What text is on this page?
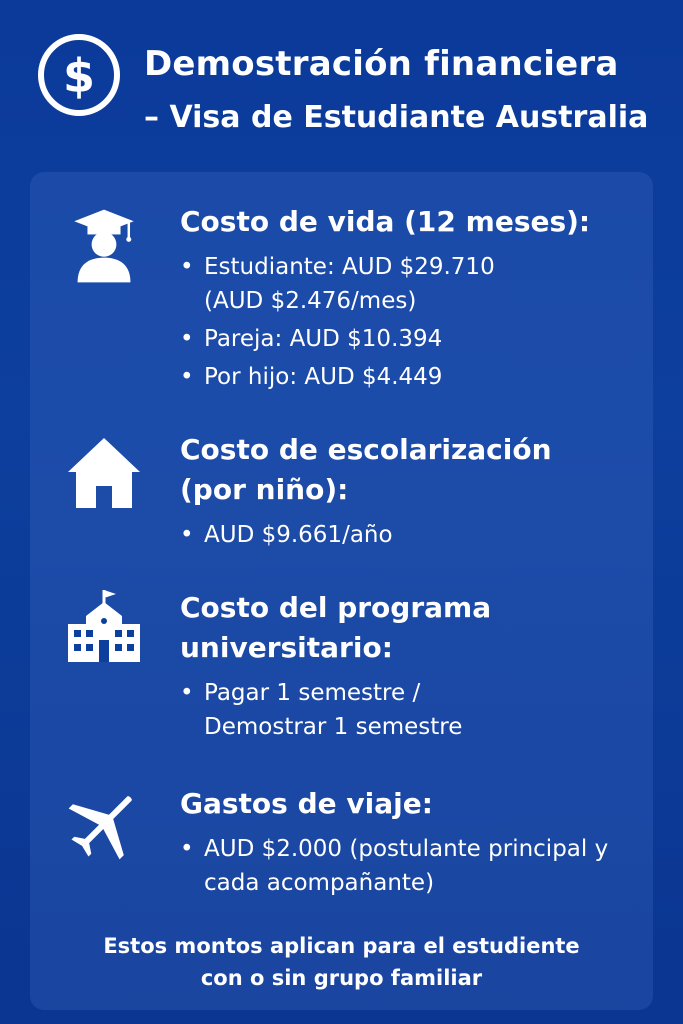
$ Demostración financiera
– Visa de Estudiante Australia
Costo de vida (12 meses):
• Estudiante: AUD $29.710 (AUD $2.476/mes)
• Pareja: AUD $10.394
• Por hijo: AUD $4.449
Costo de escolarización (por niño):
• AUD $9.661/año
Costo del programa universitario:
• Pagar 1 semestre / Demostrar 1 semestre
Gastos de viaje:
• AUD $2.000 (postulante principal y cada acompañante)
Estos montos aplican para el estudiente
con o sin grupo familiar
